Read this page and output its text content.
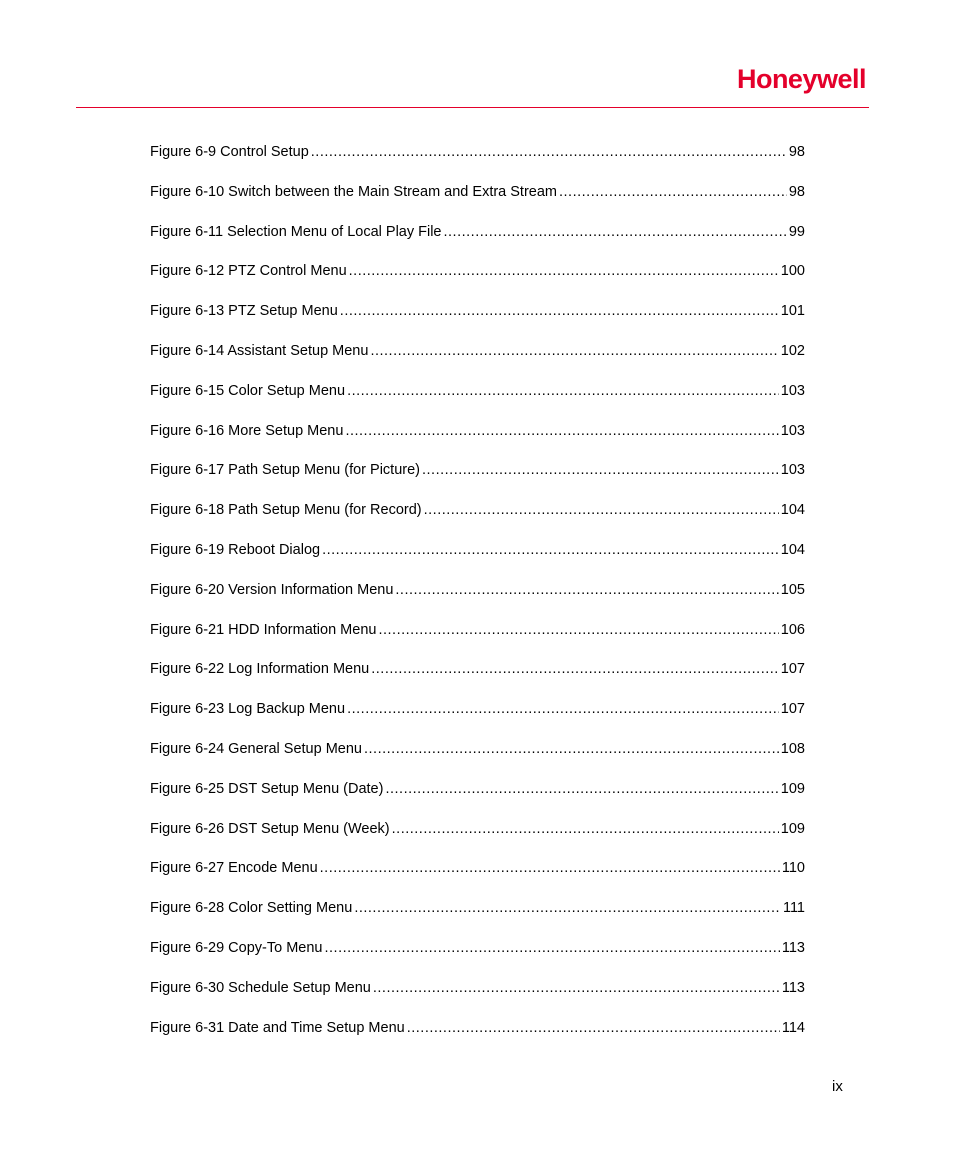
Honeywell
Figure 6-9 Control Setup .....	98
Figure 6-10 Switch between the Main Stream and Extra Stream .....	98
Figure 6-11 Selection Menu of Local Play File .....	99
Figure 6-12 PTZ Control Menu .....	100
Figure 6-13 PTZ Setup Menu .....	101
Figure 6-14 Assistant Setup Menu .....	102
Figure 6-15 Color Setup Menu .....	103
Figure 6-16 More Setup Menu .....	103
Figure 6-17 Path Setup Menu (for Picture) .....	103
Figure 6-18 Path Setup Menu (for Record) .....	104
Figure 6-19 Reboot Dialog .....	104
Figure 6-20 Version Information Menu .....	105
Figure 6-21 HDD Information Menu .....	106
Figure 6-22 Log Information Menu .....	107
Figure 6-23 Log Backup Menu .....	107
Figure 6-24 General Setup Menu .....	108
Figure 6-25 DST Setup Menu (Date) .....	109
Figure 6-26 DST Setup Menu (Week) .....	109
Figure 6-27 Encode Menu .....	110
Figure 6-28 Color Setting Menu .....	111
Figure 6-29 Copy-To Menu .....	113
Figure 6-30 Schedule Setup Menu .....	113
Figure 6-31 Date and Time Setup Menu .....	114
ix
